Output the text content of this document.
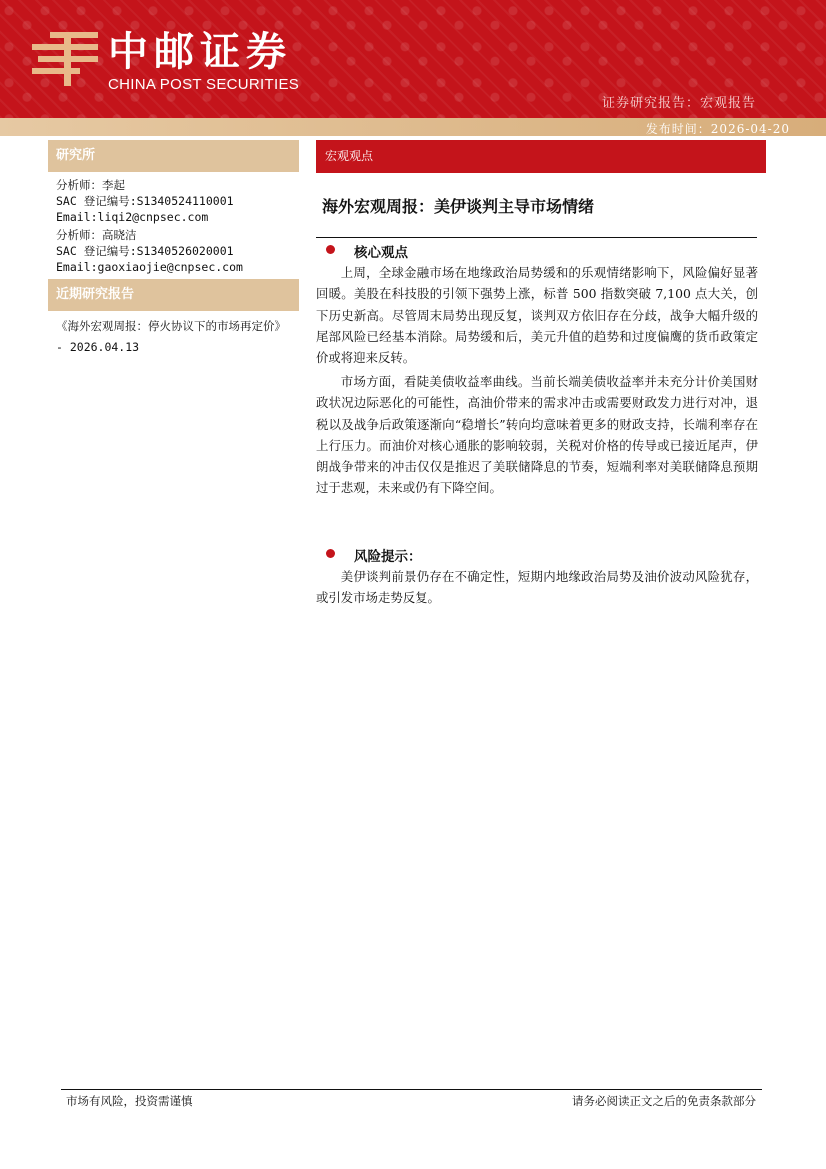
中邮证券
CHINA POST SECURITIES
证券研究报告：宏观报告
发布时间：2026-04-20
研究所
分析师：李起
SAC 登记编号:S1340524110001
Email:liqi2@cnpsec.com
分析师：高晓洁
SAC 登记编号:S1340526020001
Email:gaoxiaojie@cnpsec.com
近期研究报告
《海外宏观周报：停火协议下的市场再定价》 - 2026.04.13
宏观观点
海外宏观周报：美伊谈判主导市场情绪
核心观点
上周，全球金融市场在地缘政治局势缓和的乐观情绪影响下，风险偏好显著回暖。美股在科技股的引领下强势上涨，标普 500 指数突破 7,100 点大关，创下历史新高。尽管周末局势出现反复，谈判双方依旧存在分歧，战争大幅升级的尾部风险已经基本消除。局势缓和后，美元升值的趋势和过度偏鹰的货币政策定价或将迎来反转。
市场方面，看陡美债收益率曲线。当前长端美债收益率并未充分计价美国财政状况边际恶化的可能性，高油价带来的需求冲击或需要财政发力进行对冲，退税以及战争后政策逐渐向“稳增长”转向均意味着更多的财政支持，长端利率存在上行压力。而油价对核心通胀的影响较弱，关税对价格的传导或已接近尾声，伊朗战争带来的冲击仅仅是推迟了美联储降息的节奏，短端利率对美联储降息预期过于悲观，未来或仍有下降空间。
风险提示：
美伊谈判前景仍存在不确定性，短期内地缘政治局势及油价波动风险犹存，或引发市场走势反复。
市场有风险，投资需谨慎	请务必阅读正文之后的免责条款部分
